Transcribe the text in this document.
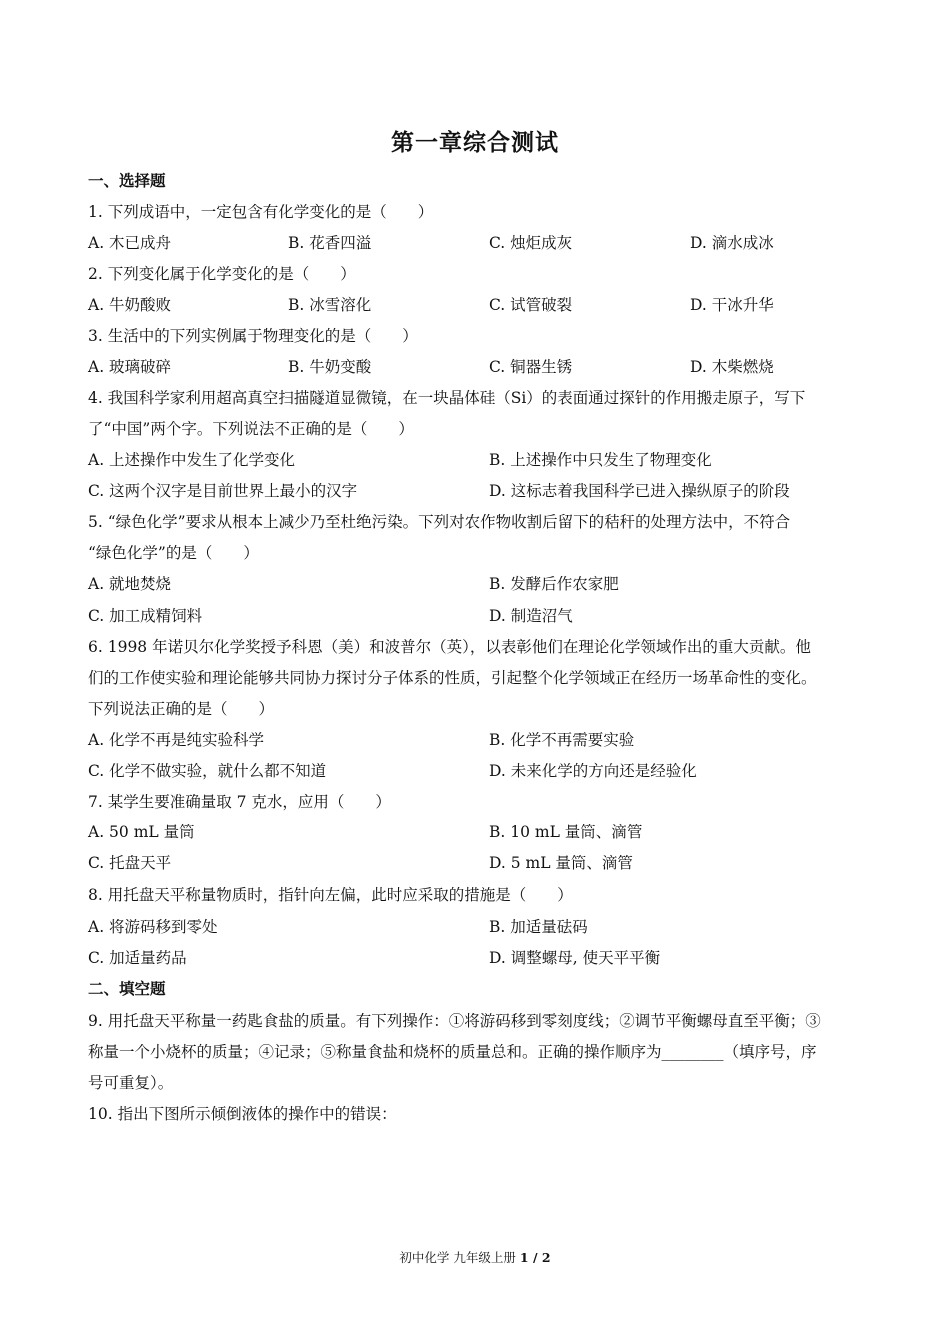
第一章综合测试
一、选择题
1. 下列成语中，一定包含有化学变化的是（　　）
A. 木已成舟	B. 花香四溢	C. 烛炬成灰	D. 滴水成冰
2. 下列变化属于化学变化的是（　　）
A. 牛奶酸败	B. 冰雪溶化	C. 试管破裂	D. 干冰升华
3. 生活中的下列实例属于物理变化的是（　　）
A. 玻璃破碎	B. 牛奶变酸	C. 铜器生锈	D. 木柴燃烧
4. 我国科学家利用超高真空扫描隧道显微镜，在一块晶体硅（Si）的表面通过探针的作用搬走原子，写下
了“中国”两个字。下列说法不正确的是（　　）
A. 上述操作中发生了化学变化	B. 上述操作中只发生了物理变化
C. 这两个汉字是目前世界上最小的汉字	D. 这标志着我国科学已进入操纵原子的阶段
5. “绿色化学”要求从根本上减少乃至杜绝污染。下列对农作物收割后留下的秸秆的处理方法中，不符合
“绿色化学”的是（　　）
A. 就地焚烧	B. 发酵后作农家肥
C. 加工成精饲料	D. 制造沼气
6. 1998 年诺贝尔化学奖授予科恩（美）和波普尔（英），以表彰他们在理论化学领域作出的重大贡献。他
们的工作使实验和理论能够共同协力探讨分子体系的性质，引起整个化学领域正在经历一场革命性的变化。
下列说法正确的是（　　）
A. 化学不再是纯实验科学	B. 化学不再需要实验
C. 化学不做实验，就什么都不知道	D. 未来化学的方向还是经验化
7. 某学生要准确量取 7 克水，应用（　　）
A. 50 mL 量筒	B. 10 mL 量筒、滴管
C. 托盘天平	D. 5 mL 量筒、滴管
8. 用托盘天平称量物质时，指针向左偏，此时应采取的措施是（　　）
A. 将游码移到零处	B. 加适量砝码
C. 加适量药品	D. 调整螺母, 使天平平衡
二、填空题
9. 用托盘天平称量一药匙食盐的质量。有下列操作：①将游码移到零刻度线；②调节平衡螺母直至平衡；③
称量一个小烧杯的质量；④记录；⑤称量食盐和烧杯的质量总和。正确的操作顺序为________（填序号，序
号可重复）。
10. 指出下图所示倾倒液体的操作中的错误：
初中化学 九年级上册 1 / 2
